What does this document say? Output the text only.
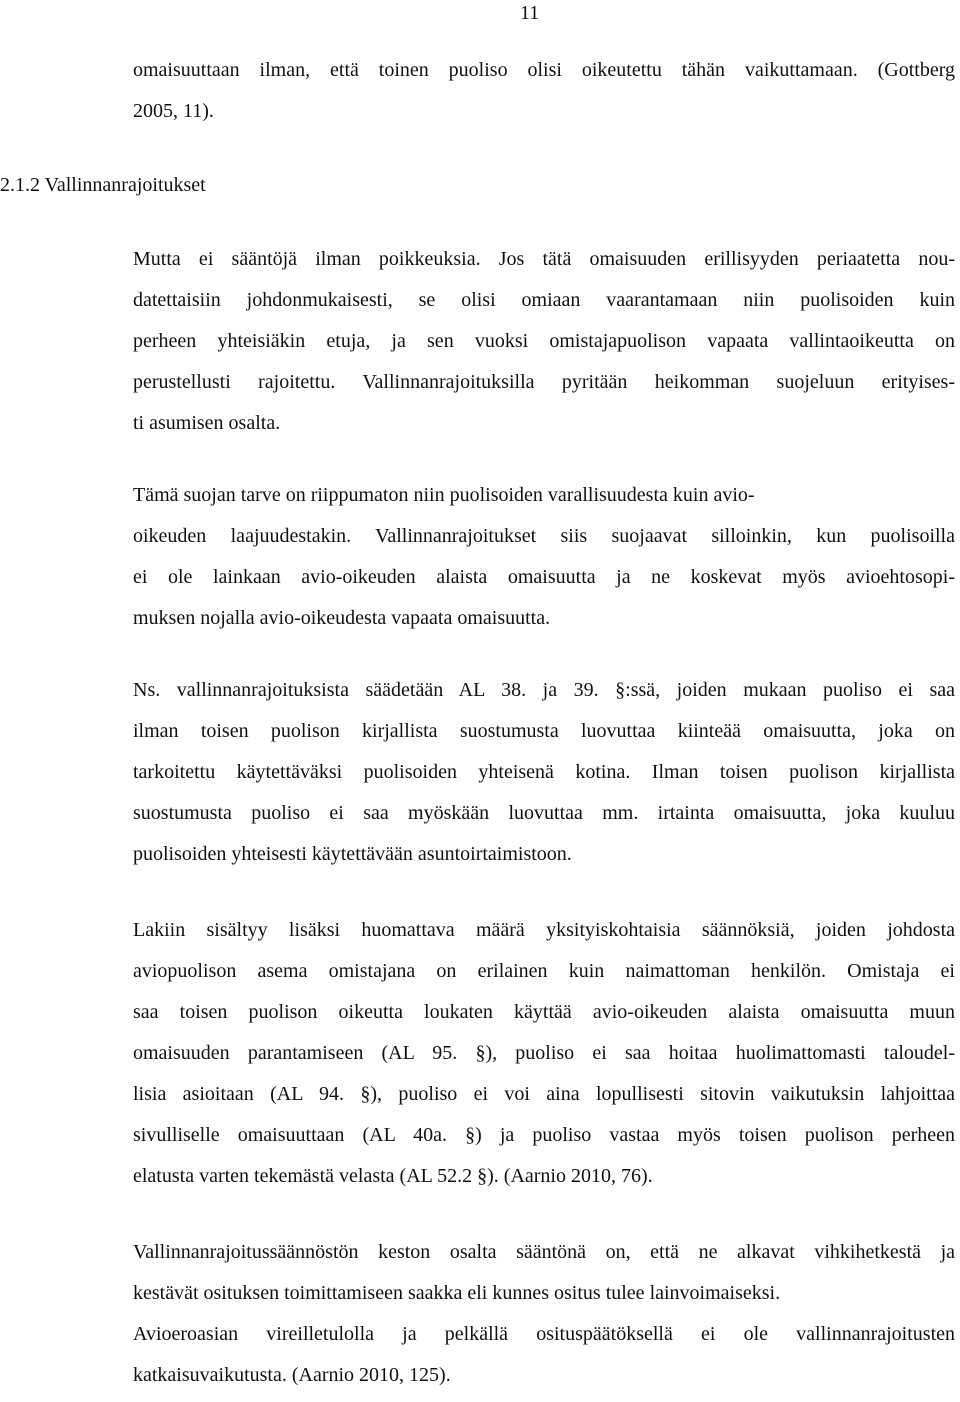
11
omaisuuttaan ilman, että toinen puoliso olisi oikeutettu tähän vaikuttamaan. (Gottberg
2005, 11).
2.1.2 Vallinnanrajoitukset
Mutta ei sääntöjä ilman poikkeuksia. Jos tätä omaisuuden erillisyyden periaatetta nou-
datettaisiin johdonmukaisesti, se olisi omiaan vaarantamaan niin puolisoiden kuin
perheen yhteisiäkin etuja, ja sen vuoksi omistajapuolison vapaata vallintaoikeutta on
perustellusti rajoitettu. Vallinnanrajoituksilla pyritään heikomman suojeluun erityises-
ti asumisen osalta.
Tämä suojan tarve on riippumaton niin puolisoiden varallisuudesta kuin avio-
oikeuden laajuudestakin. Vallinnanrajoitukset siis suojaavat silloinkin, kun puolisoilla
ei ole lainkaan avio-oikeuden alaista omaisuutta ja ne koskevat myös avioehtosopi-
muksen nojalla avio-oikeudesta vapaata omaisuutta.
Ns. vallinnanrajoituksista säädetään AL 38. ja 39. §:ssä, joiden mukaan puoliso ei saa
ilman toisen puolison kirjallista suostumusta luovuttaa kiinteää omaisuutta, joka on
tarkoitettu käytettäväksi puolisoiden yhteisenä kotina. Ilman toisen puolison kirjallista
suostumusta puoliso ei saa myöskään luovuttaa mm. irtainta omaisuutta, joka kuuluu
puolisoiden yhteisesti käytettävään asuntoirtaimistoon.
Lakiin sisältyy lisäksi huomattava määrä yksityiskohtaisia säännöksiä, joiden johdosta
aviopuolison asema omistajana on erilainen kuin naimattoman henkilön. Omistaja ei
saa toisen puolison oikeutta loukaten käyttää avio-oikeuden alaista omaisuutta muun
omaisuuden parantamiseen (AL 95. §), puoliso ei saa hoitaa huolimattomasti taloudel-
lisia asioitaan (AL 94. §), puoliso ei voi aina lopullisesti sitovin vaikutuksin lahjoittaa
sivulliselle omaisuuttaan (AL 40a. §) ja puoliso vastaa myös toisen puolison perheen
elatusta varten tekemästä velasta (AL 52.2 §). (Aarnio 2010, 76).
Vallinnanrajoitussäännöstön keston osalta sääntönä on, että ne alkavat vihkihetkestä ja
kestävät osituksen toimittamiseen saakka eli kunnes ositus tulee lainvoimaiseksi.
Avioeroasian vireilletulolla ja pelkällä osituspäätöksellä ei ole vallinnanrajoitusten
katkaisuvaikutusta. (Aarnio 2010, 125).
